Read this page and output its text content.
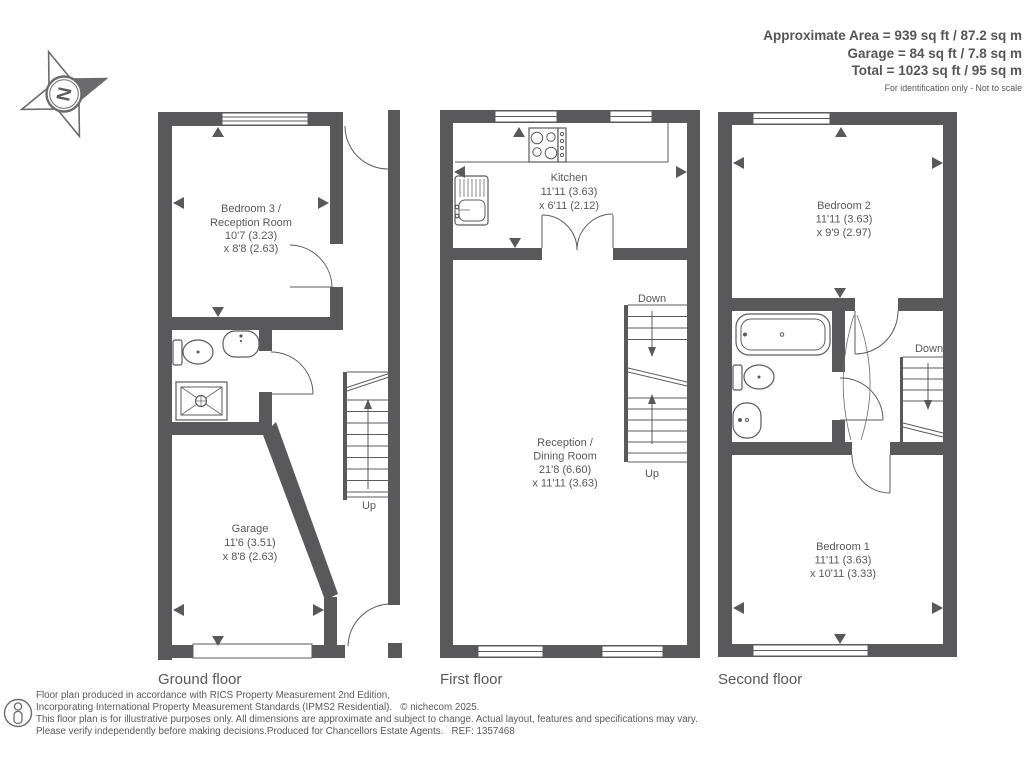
Approximate Area = 939 sq ft / 87.2 sq m
Garage = 84 sq ft / 7.8 sq m
Total = 1023 sq ft / 95 sq m
For identification only - Not to scale
N
Bedroom 3 /
Reception Room
10'7 (3.23)
x 8'8 (2.63)
Garage
11'6 (3.51)
x 8'8 (2.63)
Up
Ground floor
Kitchen
11'11 (3.63)
x 6'11 (2.12)
Reception /
Dining Room
21'8 (6.60)
x 11'11 (3.63)
Down
Up
First floor
Bedroom 2
11'11 (3.63)
x 9'9 (2.97)
Bedroom 1
11'11 (3.63)
x 10'11 (3.33)
Down
Second floor
Floor plan produced in accordance with RICS Property Measurement 2nd Edition,
Incorporating International Property Measurement Standards (IPMS2 Residential).   © nichecom 2025.
This floor plan is for illustrative purposes only. All dimensions are approximate and subject to change. Actual layout, features and specifications may vary.
Please verify independently before making decisions.Produced for Chancellors Estate Agents.   REF: 1357468
